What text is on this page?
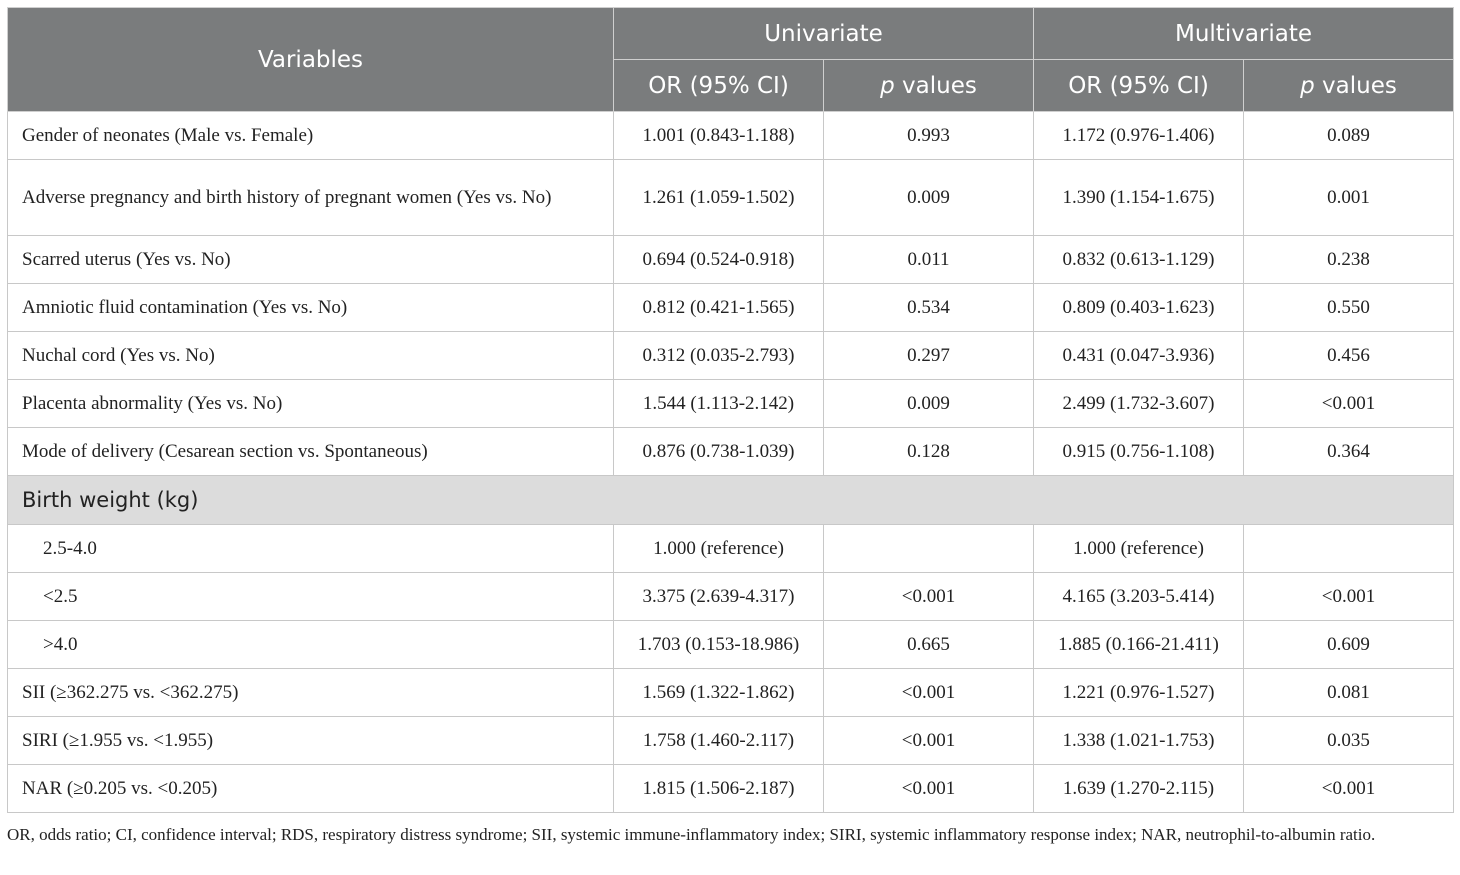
Variables	Univariate		Multivariate	
	OR (95% CI)	p values	OR (95% CI)	p values
Gender of neonates (Male vs. Female)	1.001 (0.843-1.188)	0.993	1.172 (0.976-1.406)	0.089
Adverse pregnancy and birth history of pregnant women (Yes vs. No)	1.261 (1.059-1.502)	0.009	1.390 (1.154-1.675)	0.001
Scarred uterus (Yes vs. No)	0.694 (0.524-0.918)	0.011	0.832 (0.613-1.129)	0.238
Amniotic fluid contamination (Yes vs. No)	0.812 (0.421-1.565)	0.534	0.809 (0.403-1.623)	0.550
Nuchal cord (Yes vs. No)	0.312 (0.035-2.793)	0.297	0.431 (0.047-3.936)	0.456
Placenta abnormality (Yes vs. No)	1.544 (1.113-2.142)	0.009	2.499 (1.732-3.607)	<0.001
Mode of delivery (Cesarean section vs. Spontaneous)	0.876 (0.738-1.039)	0.128	0.915 (0.756-1.108)	0.364
Birth weight (kg)				
2.5-4.0	1.000 (reference)		1.000 (reference)	
<2.5	3.375 (2.639-4.317)	<0.001	4.165 (3.203-5.414)	<0.001
>4.0	1.703 (0.153-18.986)	0.665	1.885 (0.166-21.411)	0.609
SII (≥362.275 vs. <362.275)	1.569 (1.322-1.862)	<0.001	1.221 (0.976-1.527)	0.081
SIRI (≥1.955 vs. <1.955)	1.758 (1.460-2.117)	<0.001	1.338 (1.021-1.753)	0.035
NAR (≥0.205 vs. <0.205)	1.815 (1.506-2.187)	<0.001	1.639 (1.270-2.115)	<0.001
OR, odds ratio; CI, confidence interval; RDS, respiratory distress syndrome; SII, systemic immune-inflammatory index; SIRI, systemic inflammatory response index; NAR, neutrophil-to-albumin ratio.
